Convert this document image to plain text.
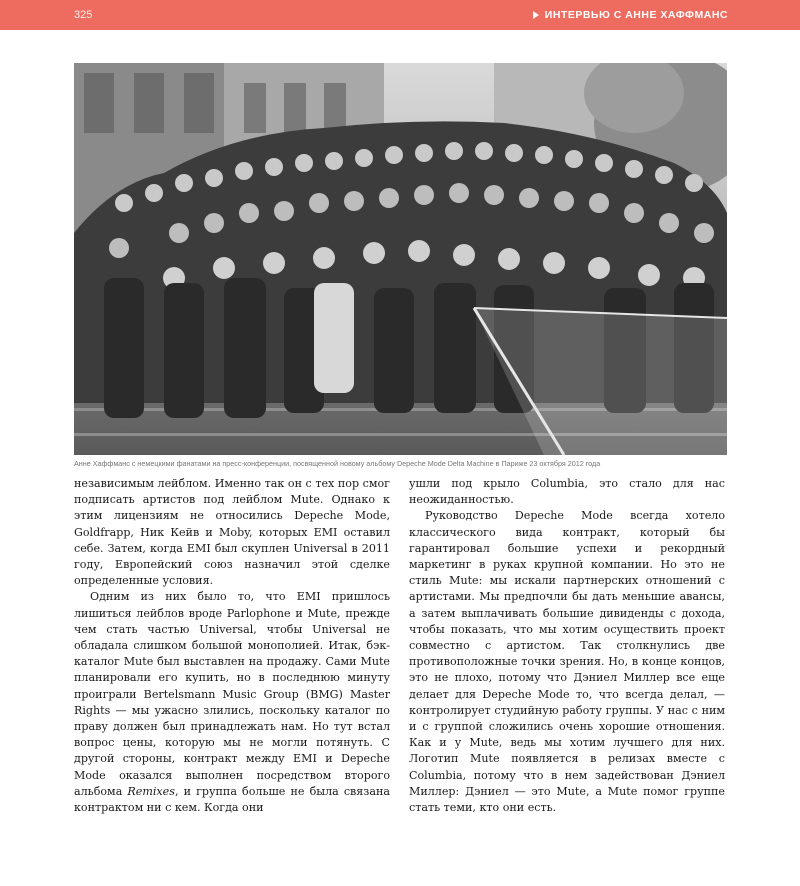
325	ИНТЕРВЬЮ С АННЕ ХАФФМАНС
Анне Хаффманс с немецкими фанатами на пресс-конференции, посвященной новому альбому Depeche Mode Delta Machine в Париже 23 октября 2012 года

независимым лейблом. Именно так он с тех пор смог подписать артистов под лейблом Mute. Однако к этим лицензиям не относились Depeche Mode, Goldfrapp, Ник Кейв и Moby, которых EMI оставил себе. Затем, когда EMI был скуплен Universal в 2011 году, Европейский союз назначил этой сделке определенные условия.

Одним из них было то, что EMI пришлось лишиться лейблов вроде Parlophone и Mute, прежде чем стать частью Universal, чтобы Universal не обладала слишком большой монополией. Итак, бэк-каталог Mute был выставлен на продажу. Сами Mute планировали его купить, но в последнюю минуту проиграли Bertelsmann Music Group (BMG) Master Rights — мы ужасно злились, поскольку каталог по праву должен был принадлежать нам. Но тут встал вопрос цены, которую мы не могли потянуть. С другой стороны, контракт между EMI и Depeche Mode оказался выполнен посредством второго альбома Remixes, и группа больше не была связана контрактом ни с кем. Когда они

ушли под крыло Columbia, это стало для нас неожиданностью.

Руководство Depeche Mode всегда хотело классического вида контракт, который бы гарантировал большие успехи и рекордный маркетинг в руках крупной компании. Но это не стиль Mute: мы искали партнерских отношений с артистами. Мы предпочли бы дать меньшие авансы, а затем выплачивать большие дивиденды с дохода, чтобы показать, что мы хотим осуществить проект совместно с артистом. Так столкнулись две противоположные точки зрения. Но, в конце концов, это не плохо, потому что Дэниел Миллер все еще делает для Depeche Mode то, что всегда делал, — контролирует студийную работу группы. У нас с ним и с группой сложились очень хорошие отношения. Как и у Mute, ведь мы хотим лучшего для них. Логотип Mute появляется в релизах вместе с Columbia, потому что в нем задействован Дэниел Миллер: Дэниел — это Mute, а Mute помог группе стать теми, кто они есть.
